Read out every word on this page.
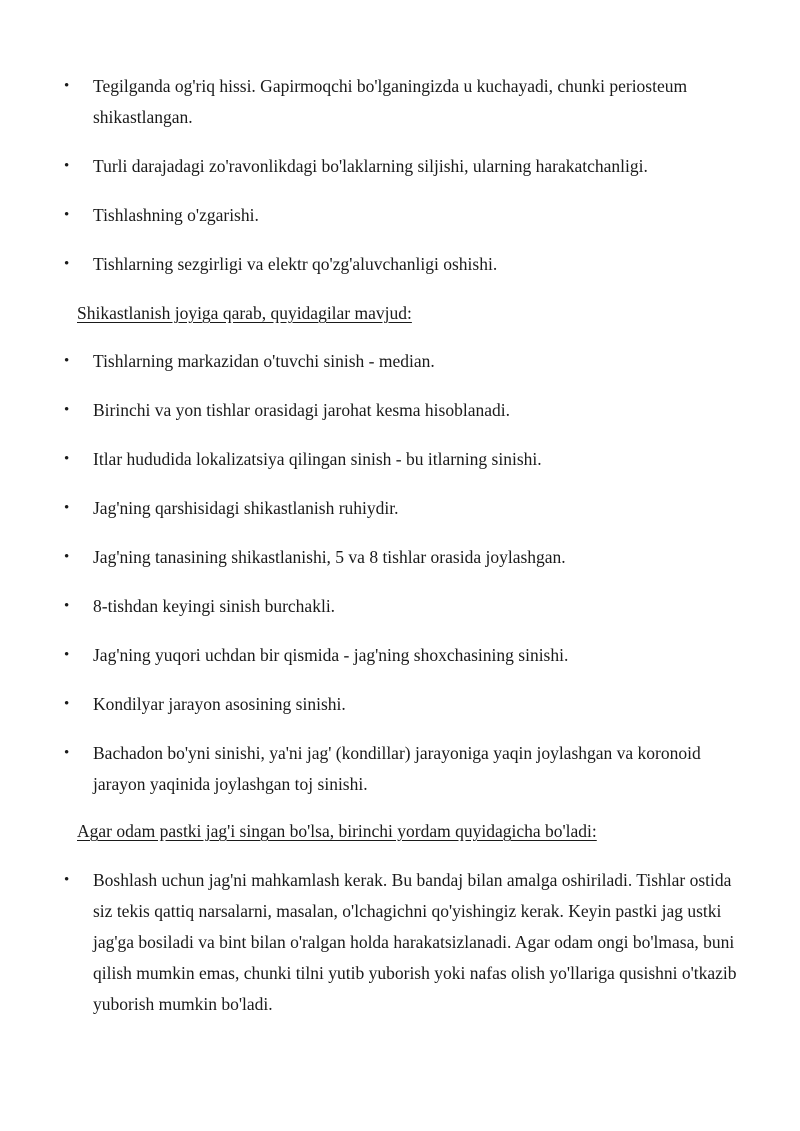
• Tegilganda og'riq hissi. Gapirmoqchi bo'lganingizda u kuchayadi, chunki periosteum shikastlangan.
• Turli darajadagi zo'ravonlikdagi bo'laklarning siljishi, ularning harakatchanligi.
• Tishlashning o'zgarishi.
• Tishlarning sezgirligi va elektr qo'zg'aluvchanligi oshishi.

Shikastlanish joyiga qarab, quyidagilar mavjud:

• Tishlarning markazidan o'tuvchi sinish - median.
• Birinchi va yon tishlar orasidagi jarohat kesma hisoblanadi.
• Itlar hududida lokalizatsiya qilingan sinish - bu itlarning sinishi.
• Jag'ning qarshisidagi shikastlanish ruhiydir.
• Jag'ning tanasining shikastlanishi, 5 va 8 tishlar orasida joylashgan.
• 8-tishdan keyingi sinish burchakli.
• Jag'ning yuqori uchdan bir qismida - jag'ning shoxchasining sinishi.
• Kondilyar jarayon asosining sinishi.
• Bachadon bo'yni sinishi, ya'ni jag' (kondillar) jarayoniga yaqin joylashgan va koronoid jarayon yaqinida joylashgan toj sinishi.

Agar odam pastki jag'i singan bo'lsa, birinchi yordam quyidagicha bo'ladi:

• Boshlash uchun jag'ni mahkamlash kerak. Bu bandaj bilan amalga oshiriladi. Tishlar ostida siz tekis qattiq narsalarni, masalan, o'lchagichni qo'yishingiz kerak. Keyin pastki jag ustki jag'ga bosiladi va bint bilan o'ralgan holda harakatsizlanadi. Agar odam ongi bo'lmasa, buni qilish mumkin emas, chunki tilni yutib yuborish yoki nafas olish yo'llariga qusishni o'tkazib yuborish mumkin bo'ladi.
